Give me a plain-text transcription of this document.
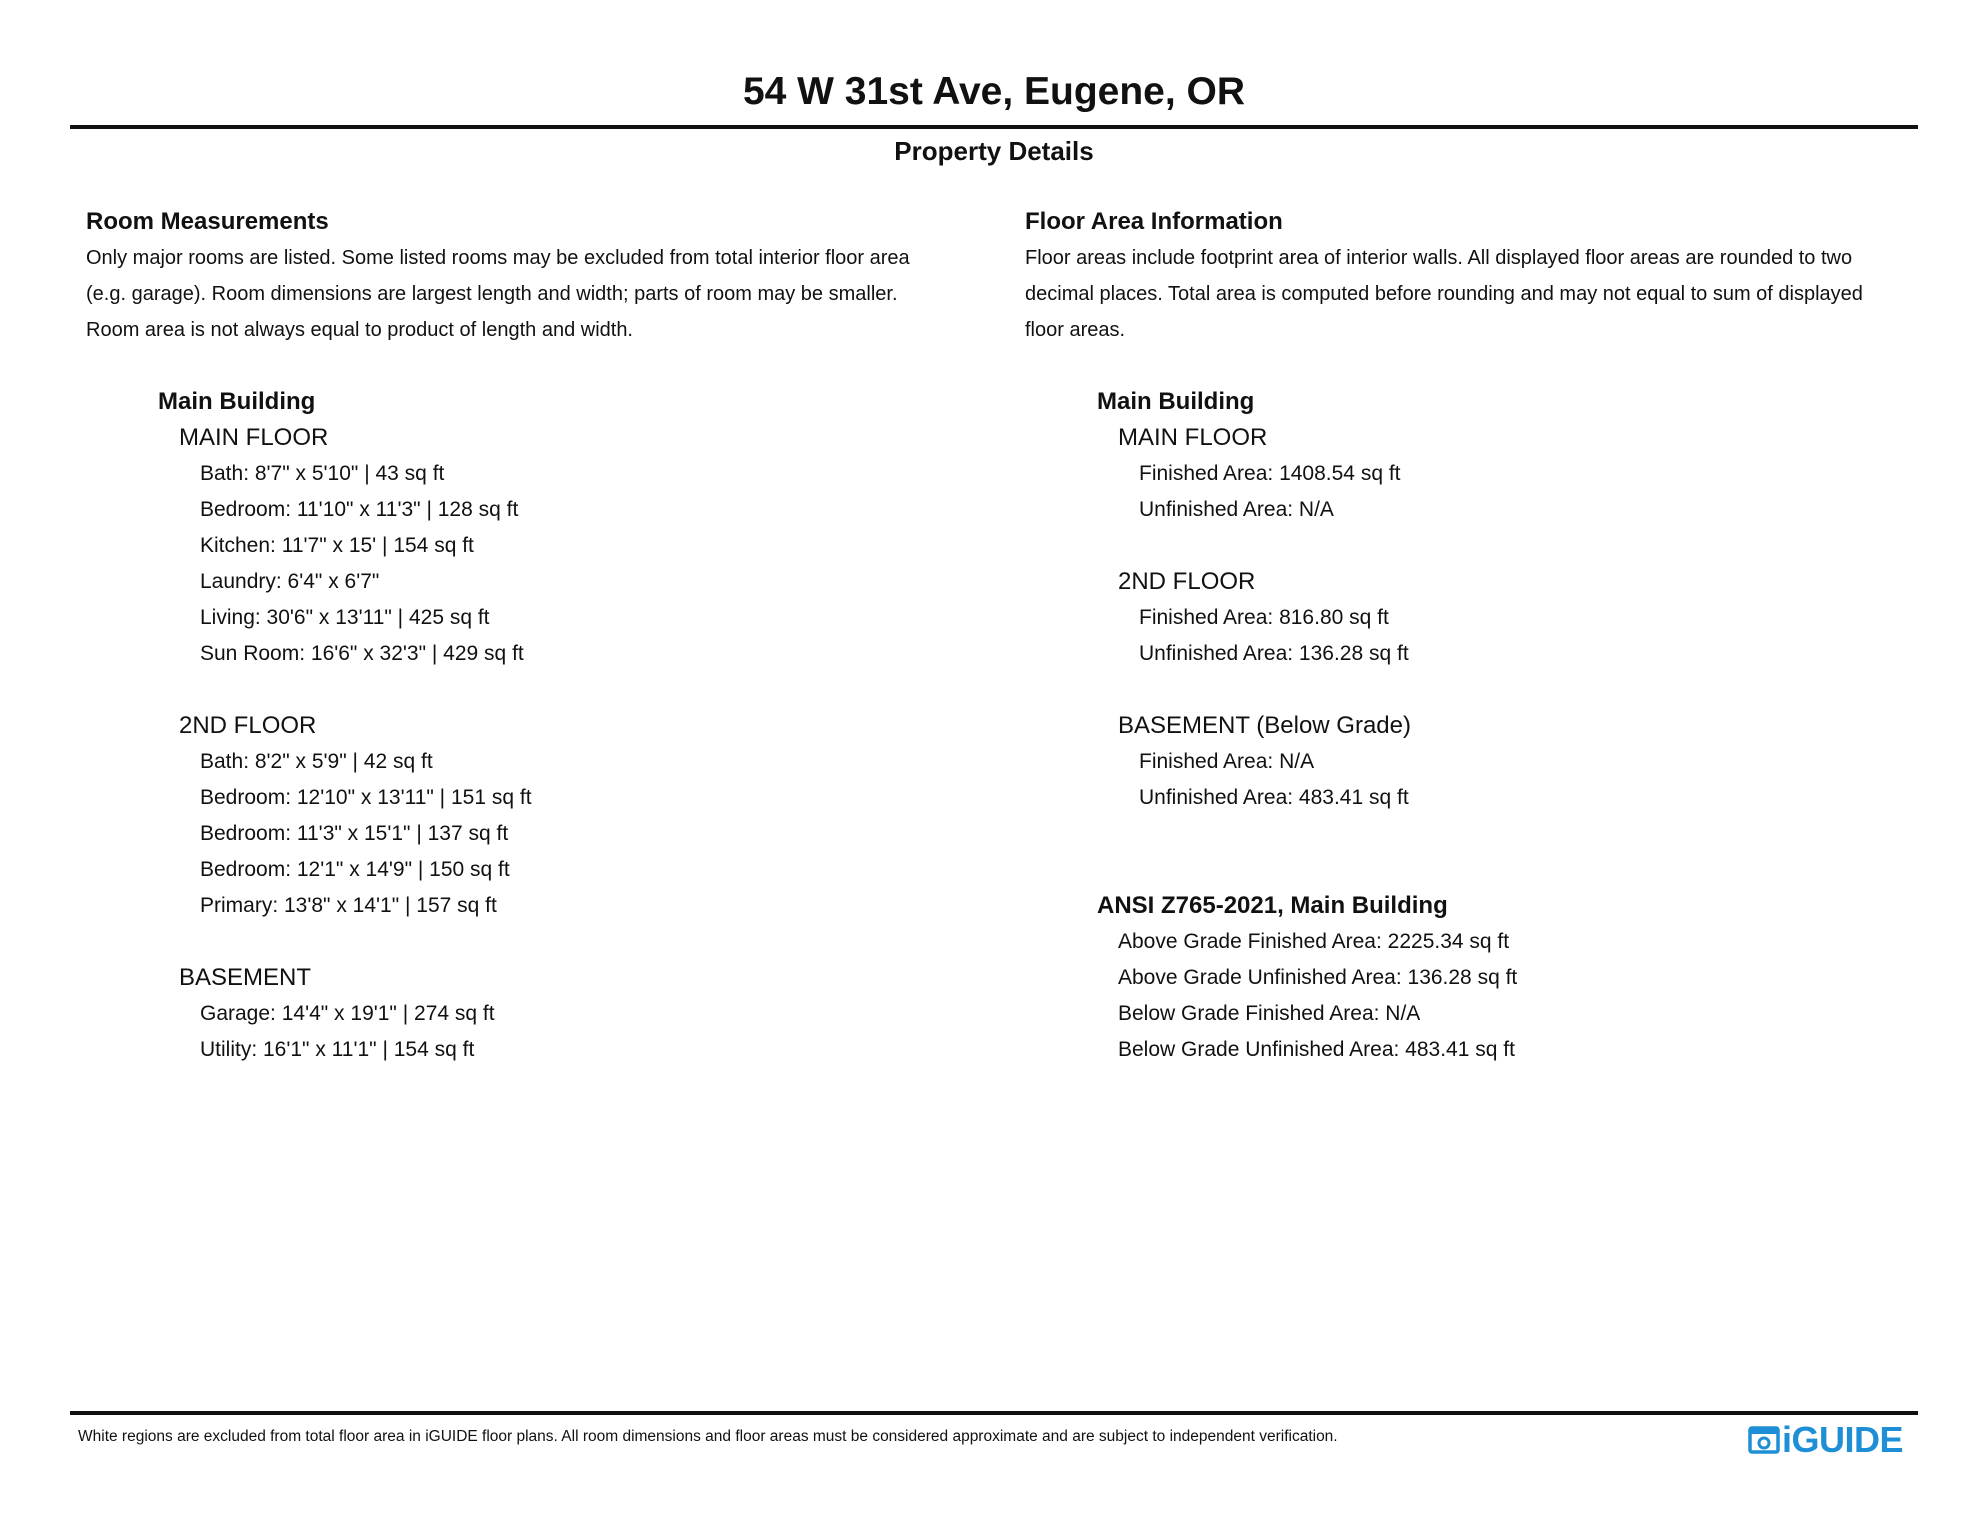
54 W 31st Ave, Eugene, OR
Property Details
Room Measurements
Only major rooms are listed. Some listed rooms may be excluded from total interior floor area
(e.g. garage). Room dimensions are largest length and width; parts of room may be smaller.
Room area is not always equal to product of length and width.
Main Building
MAIN FLOOR
Bath: 8'7" x 5'10" | 43 sq ft
Bedroom: 11'10" x 11'3" | 128 sq ft
Kitchen: 11'7" x 15' | 154 sq ft
Laundry: 6'4" x 6'7"
Living: 30'6" x 13'11" | 425 sq ft
Sun Room: 16'6" x 32'3" | 429 sq ft
2ND FLOOR
Bath: 8'2" x 5'9" | 42 sq ft
Bedroom: 12'10" x 13'11" | 151 sq ft
Bedroom: 11'3" x 15'1" | 137 sq ft
Bedroom: 12'1" x 14'9" | 150 sq ft
Primary: 13'8" x 14'1" | 157 sq ft
BASEMENT
Garage: 14'4" x 19'1" | 274 sq ft
Utility: 16'1" x 11'1" | 154 sq ft
Floor Area Information
Floor areas include footprint area of interior walls. All displayed floor areas are rounded to two
decimal places. Total area is computed before rounding and may not equal to sum of displayed
floor areas.
Main Building
MAIN FLOOR
Finished Area: 1408.54 sq ft
Unfinished Area: N/A
2ND FLOOR
Finished Area: 816.80 sq ft
Unfinished Area: 136.28 sq ft
BASEMENT (Below Grade)
Finished Area: N/A
Unfinished Area: 483.41 sq ft
ANSI Z765-2021, Main Building
Above Grade Finished Area: 2225.34 sq ft
Above Grade Unfinished Area: 136.28 sq ft
Below Grade Finished Area: N/A
Below Grade Unfinished Area: 483.41 sq ft
White regions are excluded from total floor area in iGUIDE floor plans. All room dimensions and floor areas must be considered approximate and are subject to independent verification.	iGUIDE
